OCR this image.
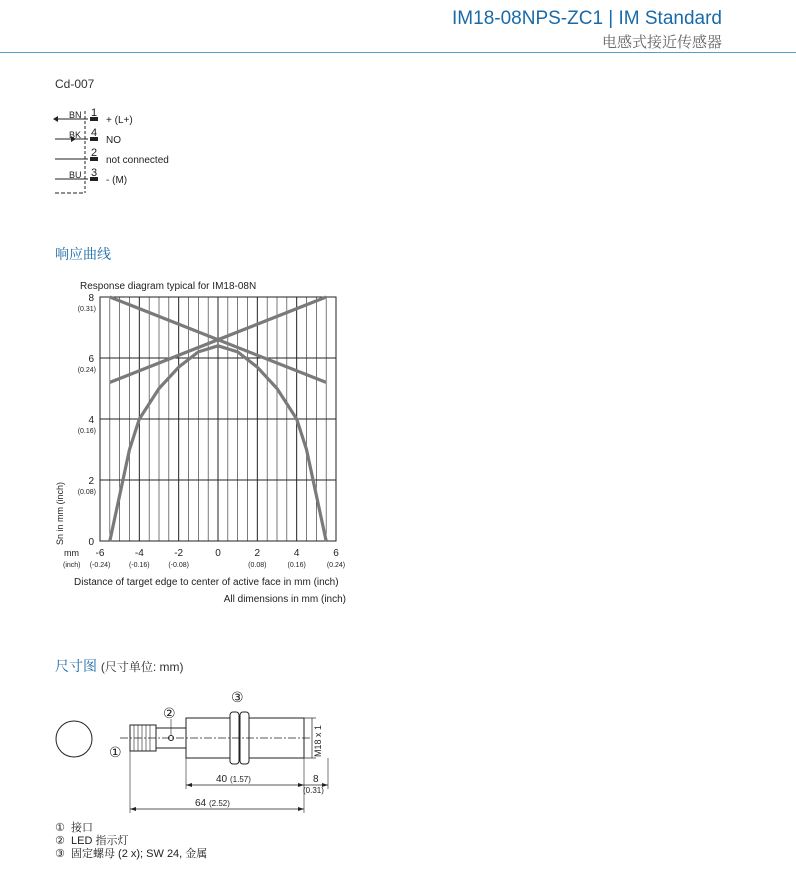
IM18-08NPS-ZC1 | IM Standard
电感式接近传感器
Cd-007
BN
BK
BU
1
4
2
3
+ (L+)
NO
not connected
- (M)
响应曲线
Response diagram typical for IM18-08N
-6
(-0.24)
-4
(-0.16)
-2
(-0.08)
0	2
(0.08)
4
(0.16)
6
(0.24)
0
2
(0.08)
4
(0.16)
6
(0.24)
8
(0.31)
Sn in mm (inch)
mm
(inch)
Distance of target edge to center of active face in mm (inch)
All dimensions in mm (inch)
尺寸图 (尺寸单位: mm)
M18 x 1
40 (1.57)	8
(0.31)
64 (2.52)
①
②
③
① 接口
② LED 指示灯
③ 固定螺母 (2 x); SW 24, 金属
